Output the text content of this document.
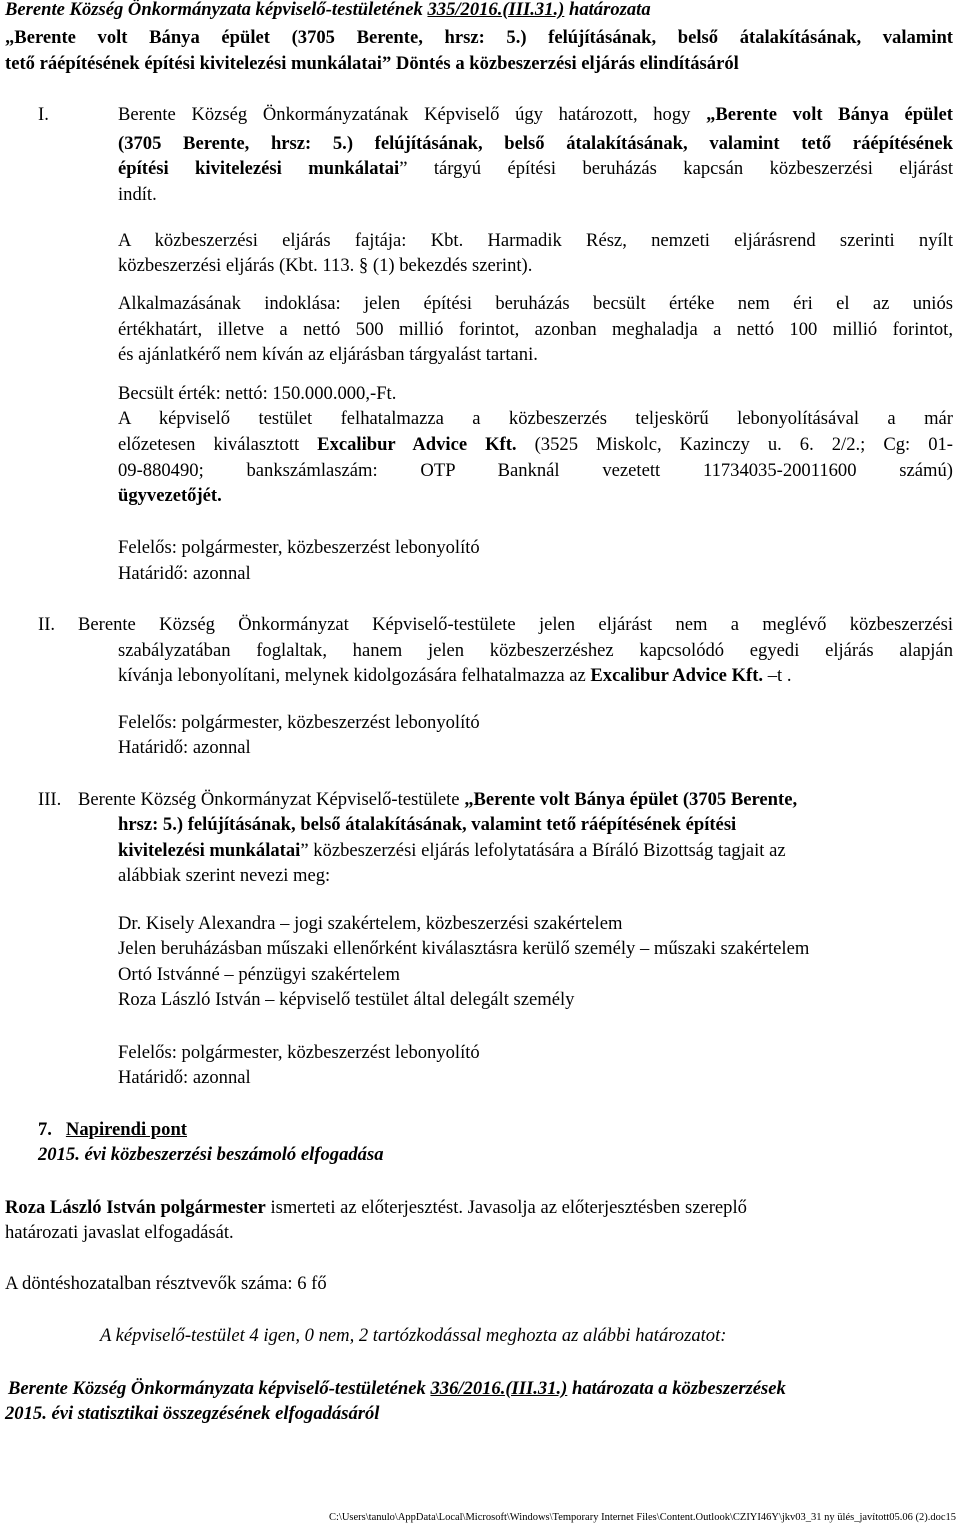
Berente Község Önkormányzata képviselő-testületének 335/2016.(III.31.) határozata
„Berente volt Bánya épület (3705 Berente, hrsz: 5.) felújításának, belső átalakításának, valamint
tető ráépítésének építési kivitelezési munkálatai” Döntés a közbeszerzési eljárás elindításáról
I.	Berente Község Önkormányzatának Képviselő úgy határozott, hogy „Berente volt Bánya épület
(3705 Berente, hrsz: 5.) felújításának, belső átalakításának, valamint tető ráépítésének
építési kivitelezési munkálatai” tárgyú építési beruházás kapcsán közbeszerzési eljárást
indít.
A közbeszerzési eljárás fajtája: Kbt. Harmadik Rész, nemzeti eljárásrend szerinti nyílt
közbeszerzési eljárás (Kbt. 113. § (1) bekezdés szerint).
Alkalmazásának indoklása: jelen építési beruházás becsült értéke nem éri el az uniós
értékhatárt, illetve a nettó 500 millió forintot, azonban meghaladja a nettó 100 millió forintot,
és ajánlatkérő nem kíván az eljárásban tárgyalást tartani.
Becsült érték: nettó: 150.000.000,-Ft.
A képviselő testület felhatalmazza a közbeszerzés teljeskörű lebonyolításával a már
előzetesen kiválasztott Excalibur Advice Kft. (3525 Miskolc, Kazinczy u. 6. 2/2.; Cg: 01-
09-880490; bankszámlaszám: OTP Banknál vezetett 11734035-20011600 számú)
ügyvezetőjét.
Felelős: polgármester, közbeszerzést lebonyolító
Határidő: azonnal
II. Berente Község Önkormányzat Képviselő-testülete jelen eljárást nem a meglévő közbeszerzési
szabályzatában foglaltak, hanem jelen közbeszerzéshez kapcsolódó egyedi eljárás alapján
kívánja lebonyolítani, melynek kidolgozására felhatalmazza az Excalibur Advice Kft. –t .
Felelős: polgármester, közbeszerzést lebonyolító
Határidő: azonnal
III. Berente Község Önkormányzat Képviselő-testülete „Berente volt Bánya épület (3705 Berente,
hrsz: 5.) felújításának, belső átalakításának, valamint tető ráépítésének építési
kivitelezési munkálatai” közbeszerzési eljárás lefolytatására a Bíráló Bizottság tagjait az
alábbiak szerint nevezi meg:
Dr. Kisely Alexandra – jogi szakértelem, közbeszerzési szakértelem
Jelen beruházásban műszaki ellenőrként kiválasztásra kerülő személy – műszaki szakértelem
Ortó Istvánné – pénzügyi szakértelem
Roza László István – képviselő testület által delegált személy
Felelős: polgármester, közbeszerzést lebonyolító
Határidő: azonnal
7. Napirendi pont
2015. évi közbeszerzési beszámoló elfogadása
Roza László István polgármester ismerteti az előterjesztést. Javasolja az előterjesztésben szereplő
határozati javaslat elfogadását.
A döntéshozatalban résztvevők száma: 6 fő
A képviselő-testület 4 igen, 0 nem, 2 tartózkodással meghozta az alábbi határozatot:
Berente Község Önkormányzata képviselő-testületének 336/2016.(III.31.) határozata a közbeszerzések
2015. évi statisztikai összegzésének elfogadásáról
C:\Users\tanulo\AppData\Local\Microsoft\Windows\Temporary Internet Files\Content.Outlook\CZIYI46Y\jkv03_31 ny ülés_javított05.06 (2).doc15
